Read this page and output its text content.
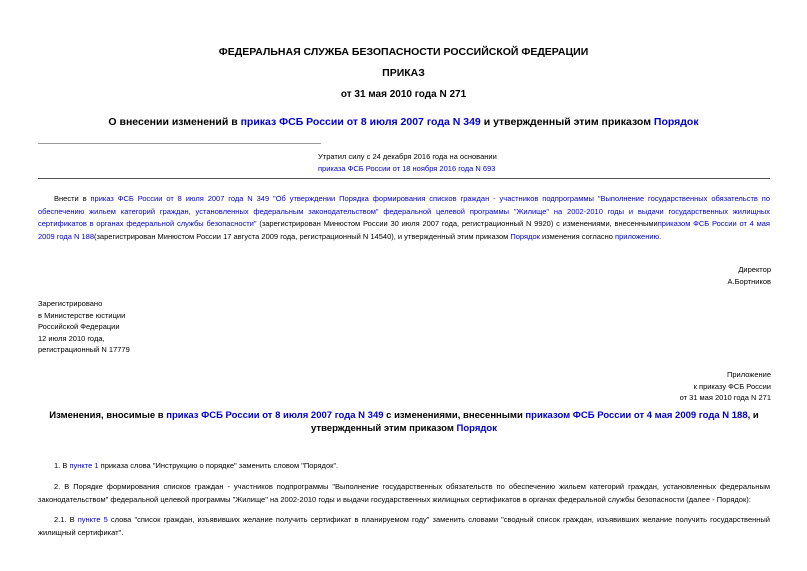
ФЕДЕРАЛЬНАЯ СЛУЖБА БЕЗОПАСНОСТИ РОССИЙСКОЙ ФЕДЕРАЦИИ
ПРИКАЗ
от 31 мая 2010 года N 271
О внесении изменений в приказ ФСБ России от 8 июля 2007 года N 349 и утвержденный этим приказом Порядок
Утратил силу с 24 декабря 2016 года на основании
приказа ФСБ России от 18 ноября 2016 года N 693
Внести в приказ ФСБ России от 8 июля 2007 года N 349 "Об утверждении Порядка формирования списков граждан - участников подпрограммы "Выполнение государственных обязательств по обеспечению жильем категорий граждан, установленных федеральным законодательством" федеральной целевой программы "Жилище" на 2002-2010 годы и выдачи государственных жилищных сертификатов в органах федеральной службы безопасности" (зарегистрирован Минюстом России 30 июля 2007 года, регистрационный N 9920) с изменениями, внесеннымиприказом ФСБ России от 4 мая 2009 года N 188(зарегистрирован Минюстом России 17 августа 2009 года, регистрационный N 14540), и утвержденный этим приказом Порядок изменения согласно приложению.
Директор
А.Бортников
Зарегистрировано
в Министерстве юстиции
Российской Федерации
12 июля 2010 года,
регистрационный N 17779
Приложение
к приказу ФСБ России
от 31 мая 2010 года N 271
Изменения, вносимые в приказ ФСБ России от 8 июля 2007 года N 349 с изменениями, внесенными приказом ФСБ России от 4 мая 2009 года N 188, и утвержденный этим приказом Порядок
1. В пункте 1 приказа слова "Инструкцию о порядке" заменить словом "Порядок".
2. В Порядке формирования списков граждан - участников подпрограммы "Выполнение государственных обязательств по обеспечению жильем категорий граждан, установленных федеральным законодательством" федеральной целевой программы "Жилище" на 2002-2010 годы и выдачи государственных жилищных сертификатов в органах федеральной службы безопасности (далее - Порядок):
2.1. В пункте 5 слова "список граждан, изъявивших желание получить сертификат в планируемом году" заменить словами "сводный список граждан, изъявивших желание получить государственный жилищный сертификат".
